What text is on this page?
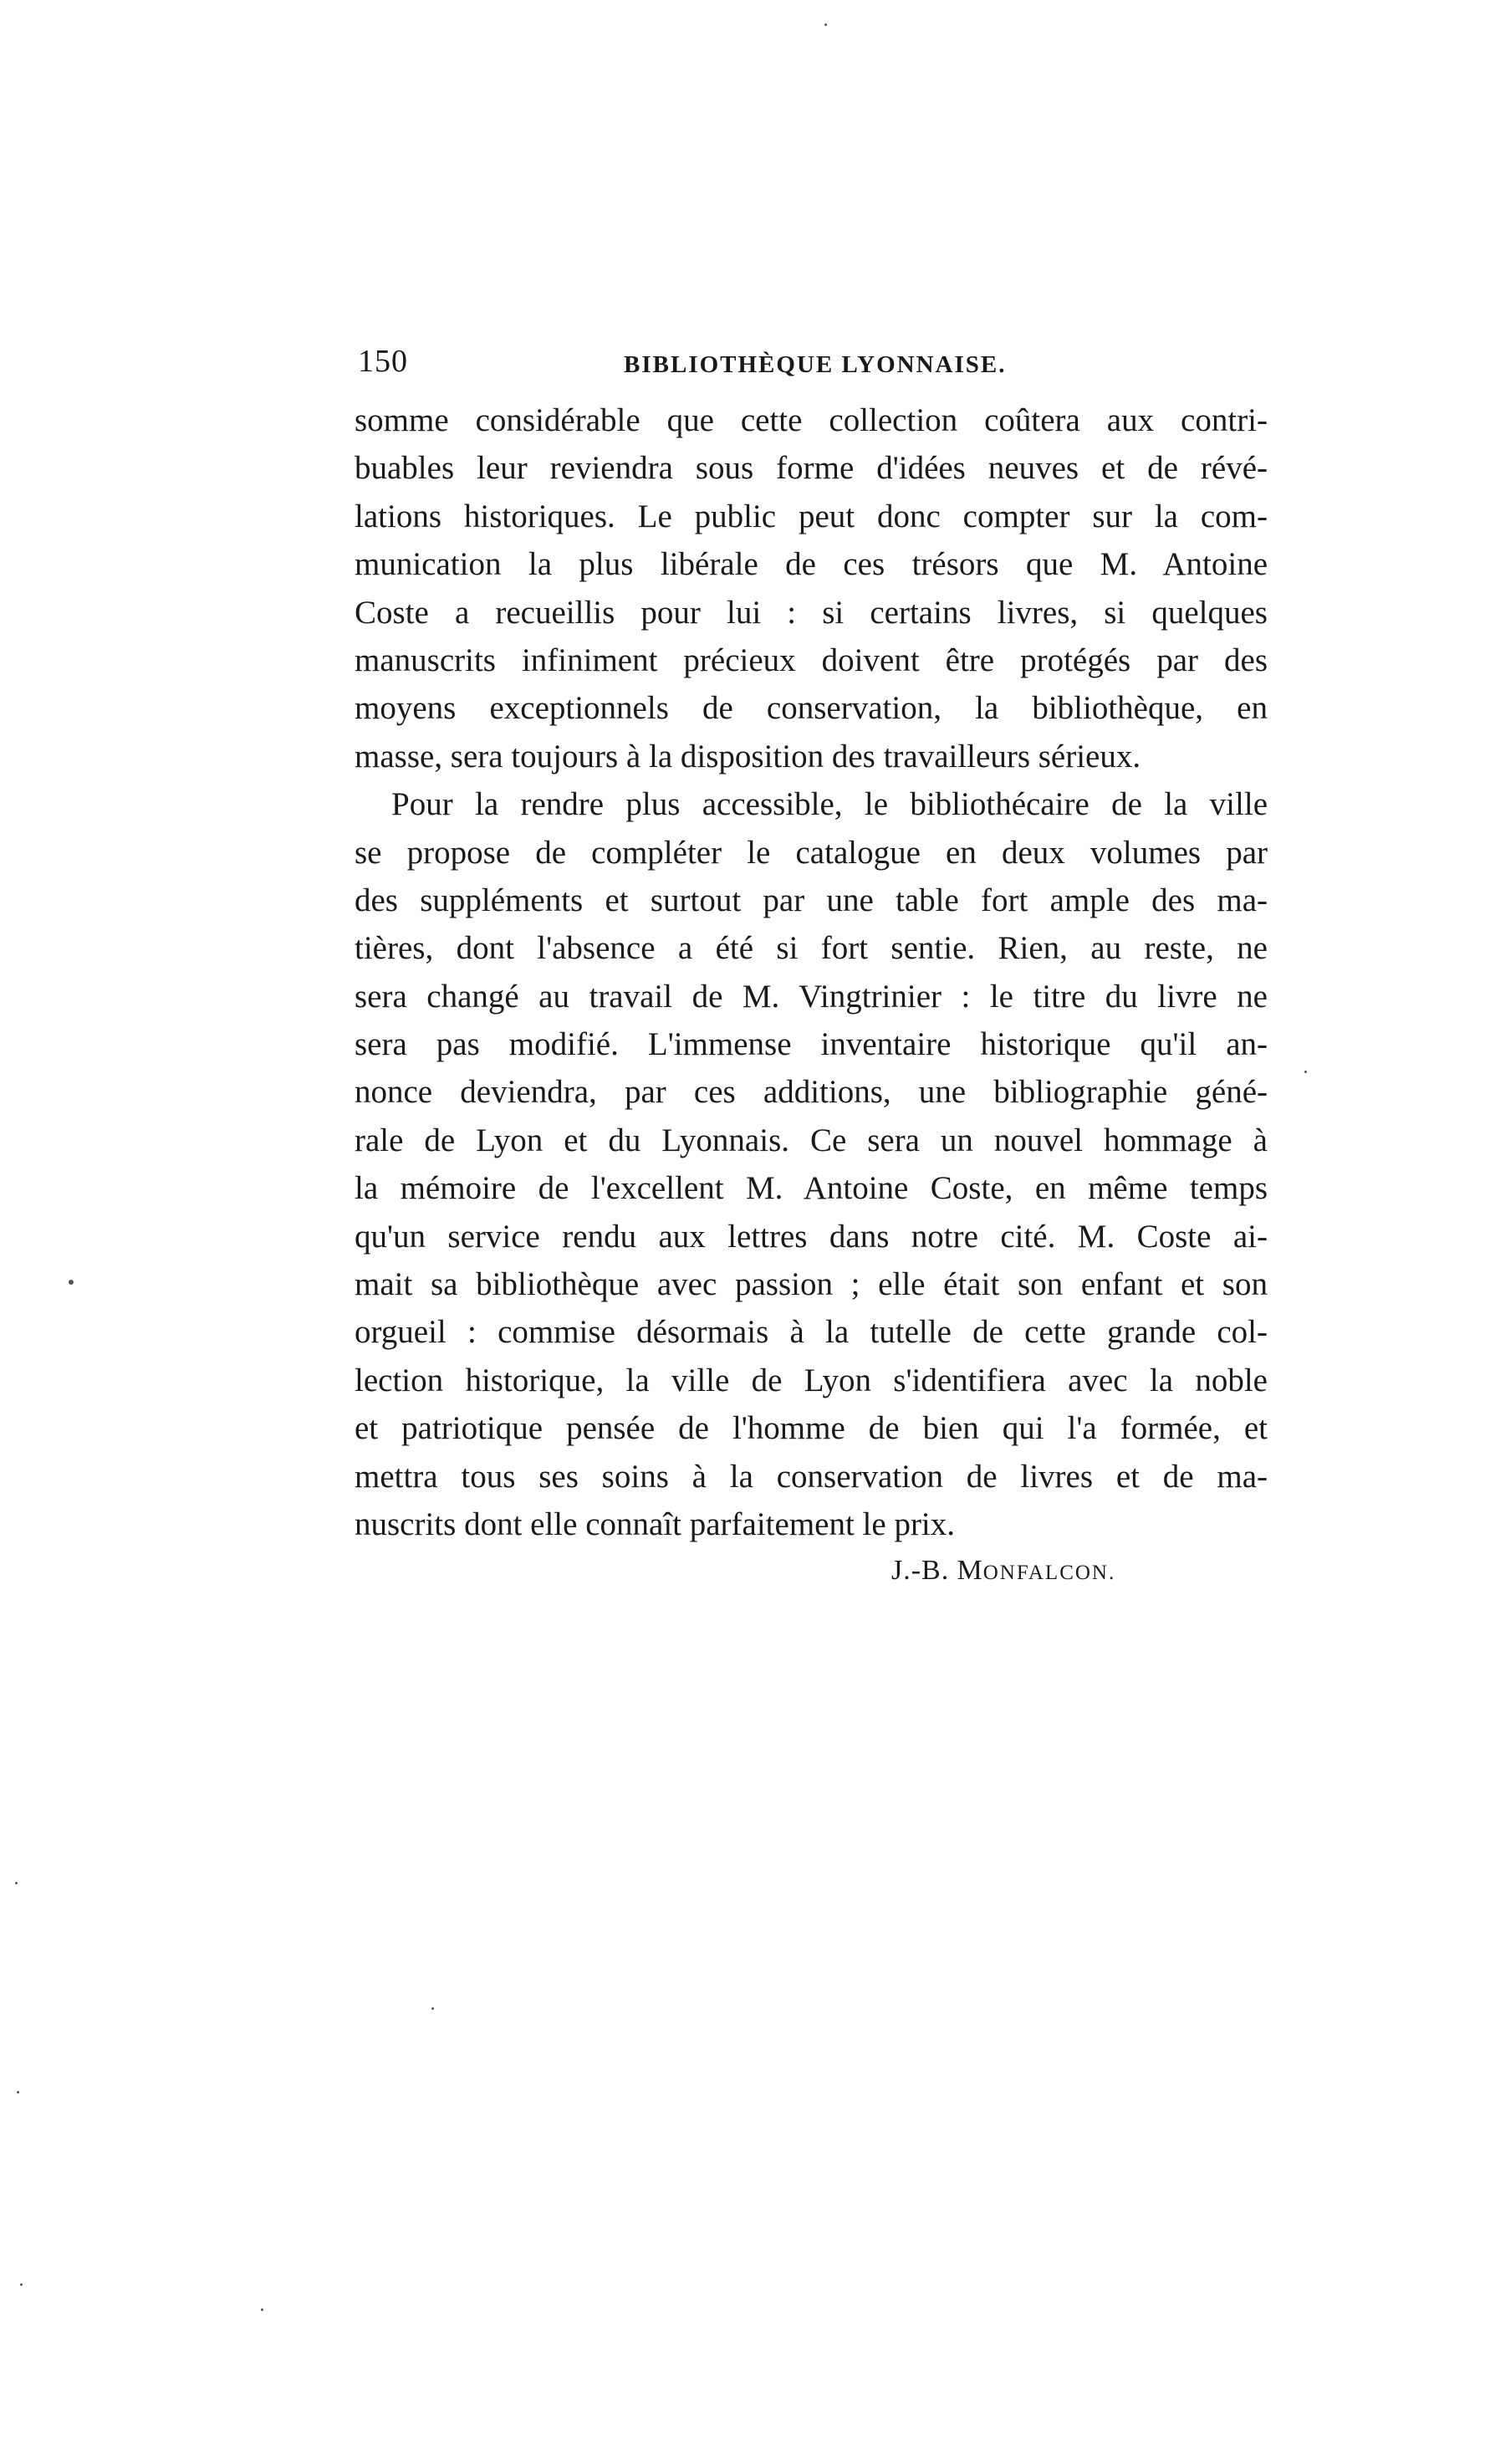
150	BIBLIOTHÈQUE LYONNAISE.
somme considérable que cette collection coûtera aux contri-
buables leur reviendra sous forme d'idées neuves et de révé-
lations historiques. Le public peut donc compter sur la com-
munication la plus libérale de ces trésors que M. Antoine
Coste a recueillis pour lui : si certains livres, si quelques
manuscrits infiniment précieux doivent être protégés par des
moyens exceptionnels de conservation, la bibliothèque, en
masse, sera toujours à la disposition des travailleurs sérieux.
Pour la rendre plus accessible, le bibliothécaire de la ville
se propose de compléter le catalogue en deux volumes par
des suppléments et surtout par une table fort ample des ma-
tières, dont l'absence a été si fort sentie. Rien, au reste, ne
sera changé au travail de M. Vingtrinier : le titre du livre ne
sera pas modifié. L'immense inventaire historique qu'il an-
nonce deviendra, par ces additions, une bibliographie géné-
rale de Lyon et du Lyonnais. Ce sera un nouvel hommage à
la mémoire de l'excellent M. Antoine Coste, en même temps
qu'un service rendu aux lettres dans notre cité. M. Coste ai-
mait sa bibliothèque avec passion ; elle était son enfant et son
orgueil : commise désormais à la tutelle de cette grande col-
lection historique, la ville de Lyon s'identifiera avec la noble
et patriotique pensée de l'homme de bien qui l'a formée, et
mettra tous ses soins à la conservation de livres et de ma-
nuscrits dont elle connaît parfaitement le prix.
J.-B. MONFALCON.
